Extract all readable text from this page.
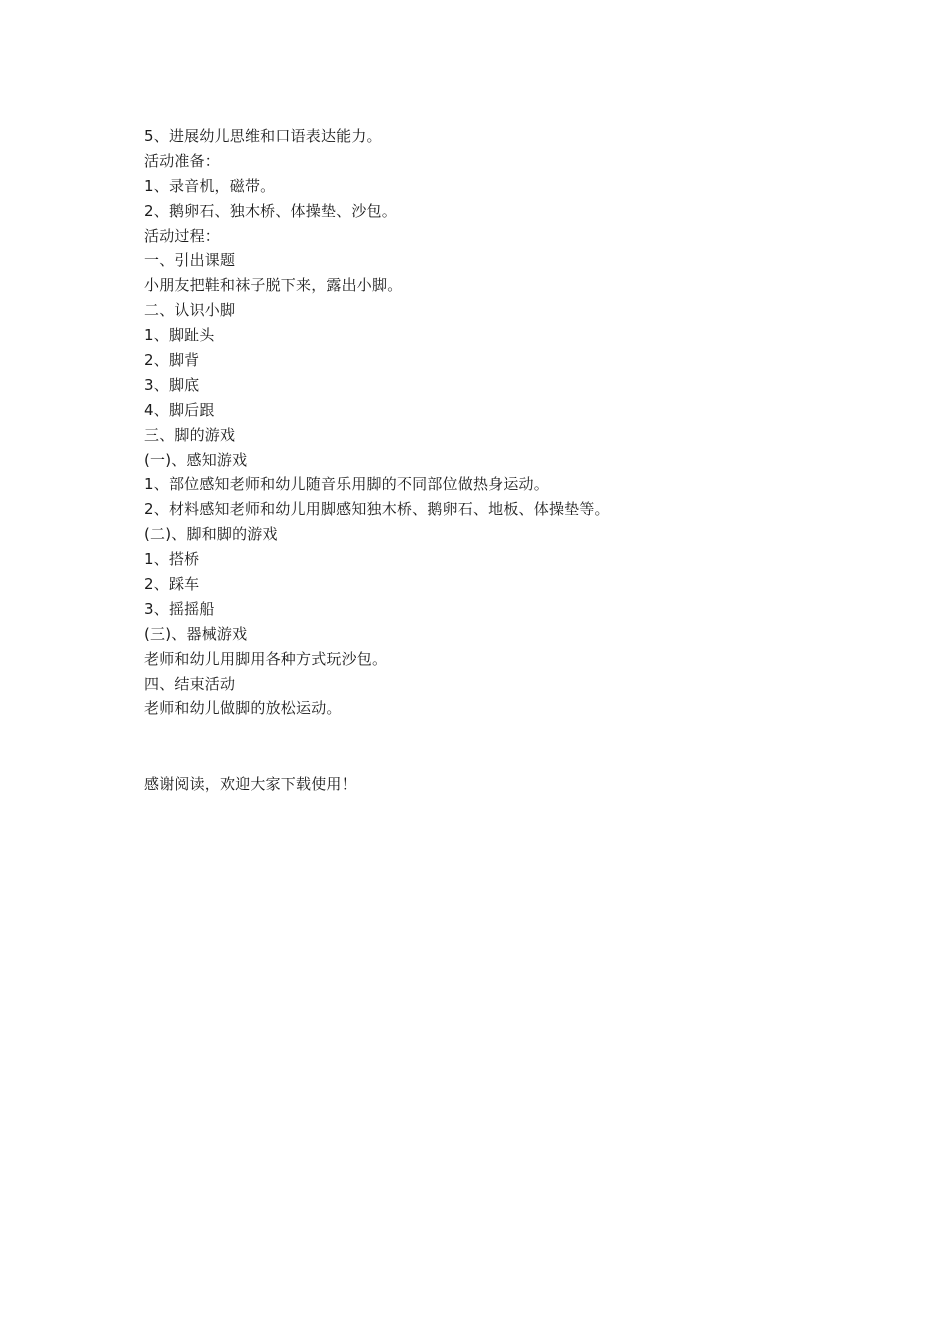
5、进展幼儿思维和口语表达能力。
活动准备：
1、录音机，磁带。
2、鹅卵石、独木桥、体操垫、沙包。
活动过程：
一、引出课题
小朋友把鞋和袜子脱下来，露出小脚。
二、认识小脚
1、脚趾头
2、脚背
3、脚底
4、脚后跟
三、脚的游戏
(一)、感知游戏
1、部位感知老师和幼儿随音乐用脚的不同部位做热身运动。
2、材料感知老师和幼儿用脚感知独木桥、鹅卵石、地板、体操垫等。
(二)、脚和脚的游戏
1、搭桥
2、踩车
3、摇摇船
(三)、器械游戏
老师和幼儿用脚用各种方式玩沙包。
四、结束活动
老师和幼儿做脚的放松运动。
感谢阅读，欢迎大家下载使用！
